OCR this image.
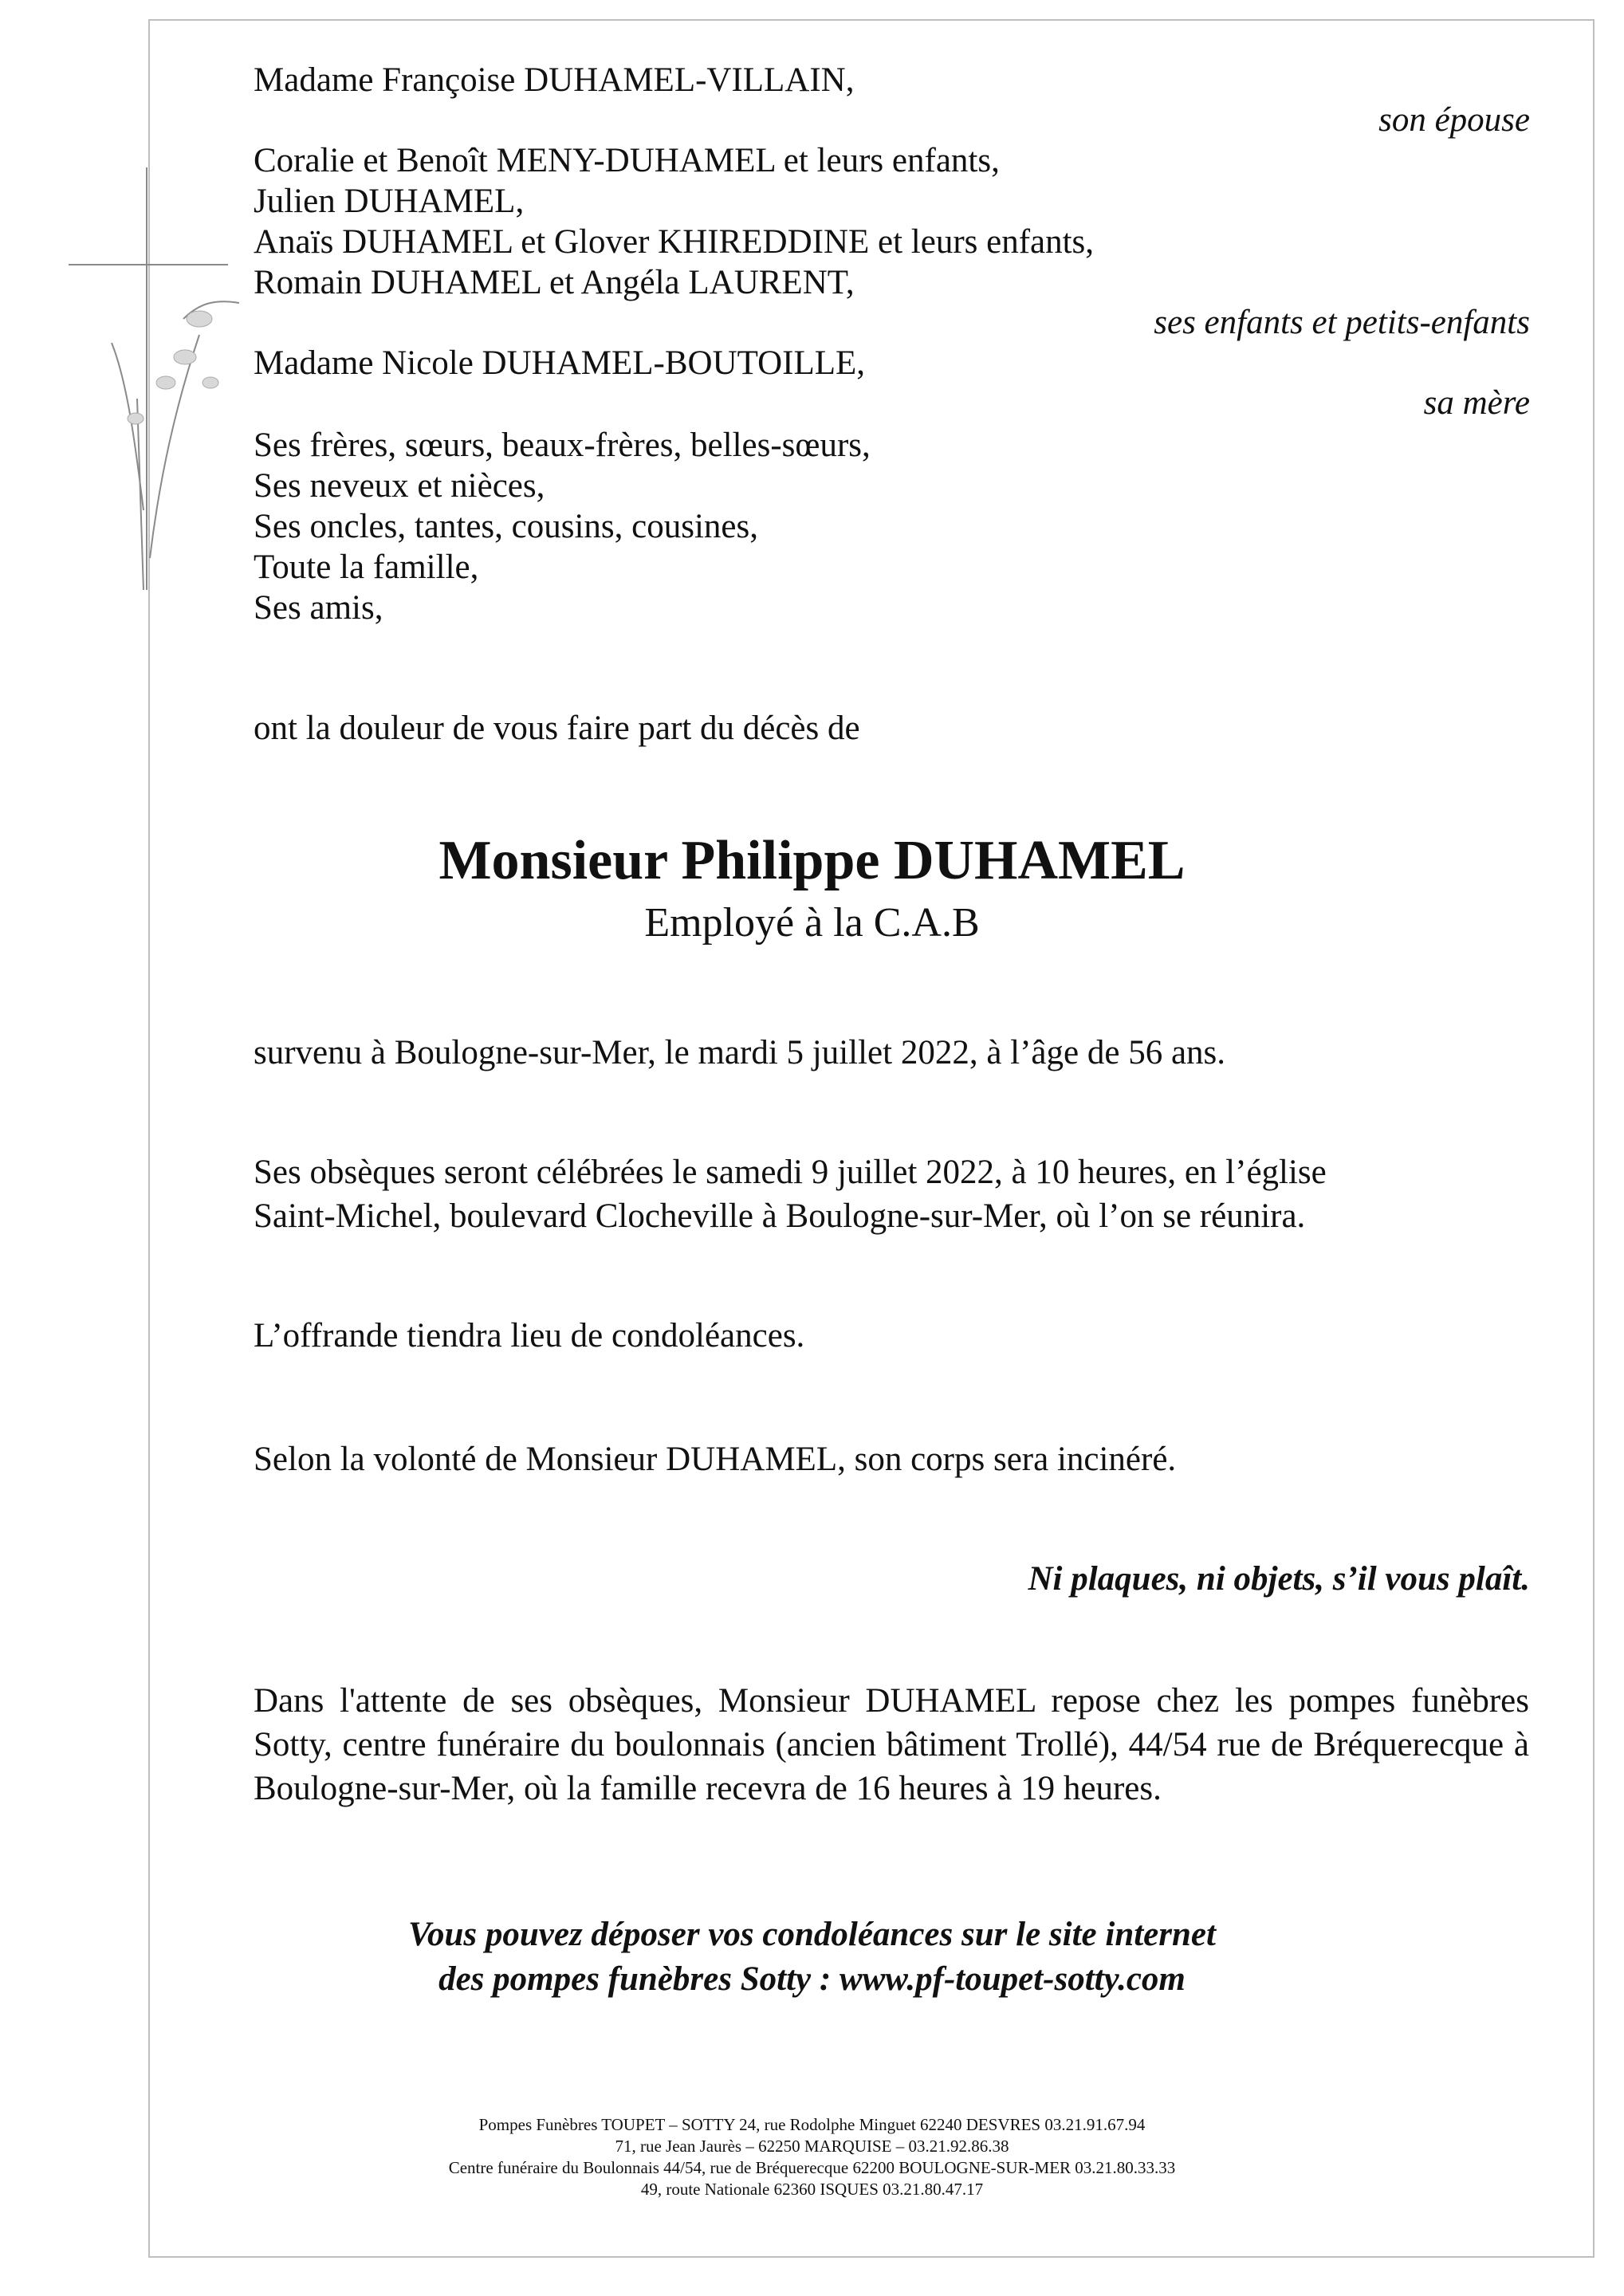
Madame Françoise DUHAMEL-VILLAIN,
son épouse
Coralie et Benoît MENY-DUHAMEL et leurs enfants,
Julien DUHAMEL,
Anaïs DUHAMEL et Glover KHIREDDINE et leurs enfants,
Romain DUHAMEL et Angéla LAURENT,
ses enfants et petits-enfants
Madame Nicole DUHAMEL-BOUTOILLE,
sa mère
Ses frères, sœurs, beaux-frères, belles-sœurs,
Ses neveux et nièces,
Ses oncles, tantes, cousins, cousines,
Toute la famille,
Ses amis,
ont la douleur de vous faire part du décès de
Monsieur Philippe DUHAMEL
Employé à la C.A.B
survenu à Boulogne-sur-Mer, le mardi 5 juillet 2022, à l’âge de 56 ans.
Ses obsèques seront célébrées le samedi 9 juillet 2022, à 10 heures, en l’église
Saint-Michel, boulevard Clocheville à Boulogne-sur-Mer, où l’on se réunira.
L’offrande tiendra lieu de condoléances.
Selon la volonté de Monsieur DUHAMEL, son corps sera incinéré.
Ni plaques, ni objets, s’il vous plaît.
Dans l'attente de ses obsèques, Monsieur DUHAMEL repose chez les pompes funèbres Sotty, centre funéraire du boulonnais (ancien bâtiment Trollé), 44/54 rue de Bréquerecque à Boulogne-sur-Mer, où la famille recevra de 16 heures à 19 heures.
Vous pouvez déposer vos condoléances sur le site internet
des pompes funèbres Sotty : www.pf-toupet-sotty.com
Pompes Funèbres TOUPET – SOTTY 24, rue Rodolphe Minguet 62240 DESVRES 03.21.91.67.94
71, rue Jean Jaurès – 62250 MARQUISE – 03.21.92.86.38
Centre funéraire du Boulonnais 44/54, rue de Bréquerecque 62200 BOULOGNE-SUR-MER 03.21.80.33.33
49, route Nationale 62360 ISQUES 03.21.80.47.17
